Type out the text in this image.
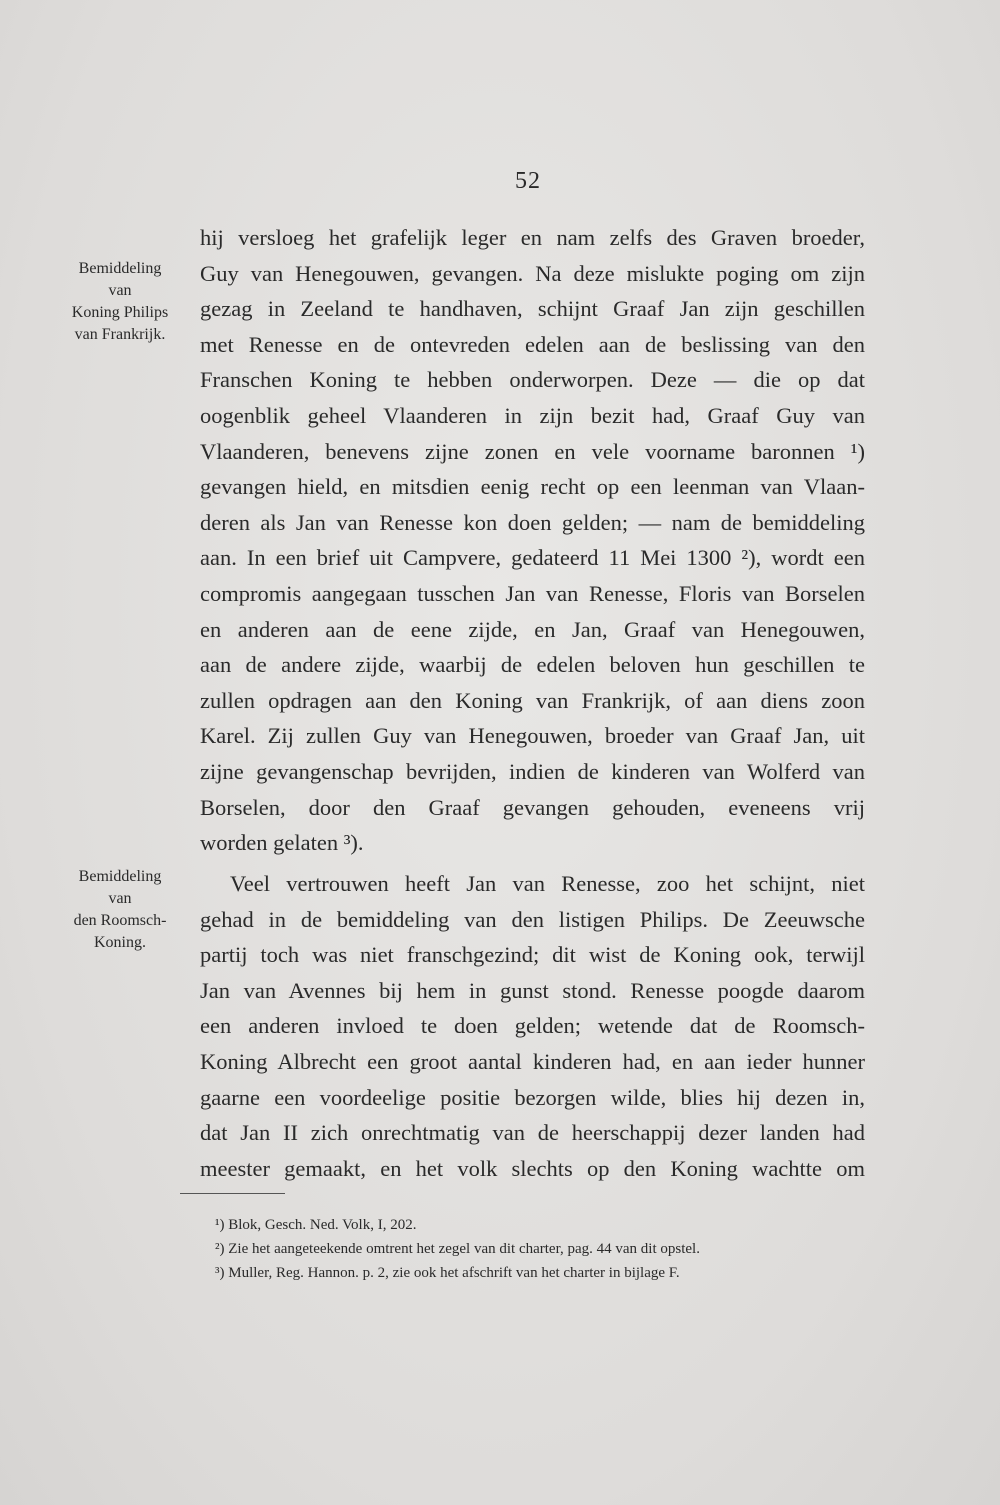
52
Bemiddeling
van
Koning Philips
van Frankrijk.
Bemiddeling
van
den Roomsch-
Koning.
hij versloeg het grafelijk leger en nam zelfs des Graven broeder,
Guy van Henegouwen, gevangen. Na deze mislukte poging om zijn
gezag in Zeeland te handhaven, schijnt Graaf Jan zijn geschillen
met Renesse en de ontevreden edelen aan de beslissing van den
Franschen Koning te hebben onderworpen. Deze — die op dat
oogenblik geheel Vlaanderen in zijn bezit had, Graaf Guy van
Vlaanderen, benevens zijne zonen en vele voorname baronnen ¹)
gevangen hield, en mitsdien eenig recht op een leenman van Vlaan-
deren als Jan van Renesse kon doen gelden; — nam de bemiddeling
aan. In een brief uit Campvere, gedateerd 11 Mei 1300 ²), wordt een
compromis aangegaan tusschen Jan van Renesse, Floris van Borselen
en anderen aan de eene zijde, en Jan, Graaf van Henegouwen,
aan de andere zijde, waarbij de edelen beloven hun geschillen te
zullen opdragen aan den Koning van Frankrijk, of aan diens zoon
Karel. Zij zullen Guy van Henegouwen, broeder van Graaf Jan, uit
zijne gevangenschap bevrijden, indien de kinderen van Wolferd van
Borselen, door den Graaf gevangen gehouden, eveneens vrij
worden gelaten ³).
Veel vertrouwen heeft Jan van Renesse, zoo het schijnt, niet
gehad in de bemiddeling van den listigen Philips. De Zeeuwsche
partij toch was niet franschgezind; dit wist de Koning ook, terwijl
Jan van Avennes bij hem in gunst stond. Renesse poogde daarom
een anderen invloed te doen gelden; wetende dat de Roomsch-
Koning Albrecht een groot aantal kinderen had, en aan ieder hunner
gaarne een voordeelige positie bezorgen wilde, blies hij dezen in,
dat Jan II zich onrechtmatig van de heerschappij dezer landen had
meester gemaakt, en het volk slechts op den Koning wachtte om
¹) Blok, Gesch. Ned. Volk, I, 202.
²) Zie het aangeteekende omtrent het zegel van dit charter, pag. 44 van dit opstel.
³) Muller, Reg. Hannon. p. 2, zie ook het afschrift van het charter in bijlage F.
